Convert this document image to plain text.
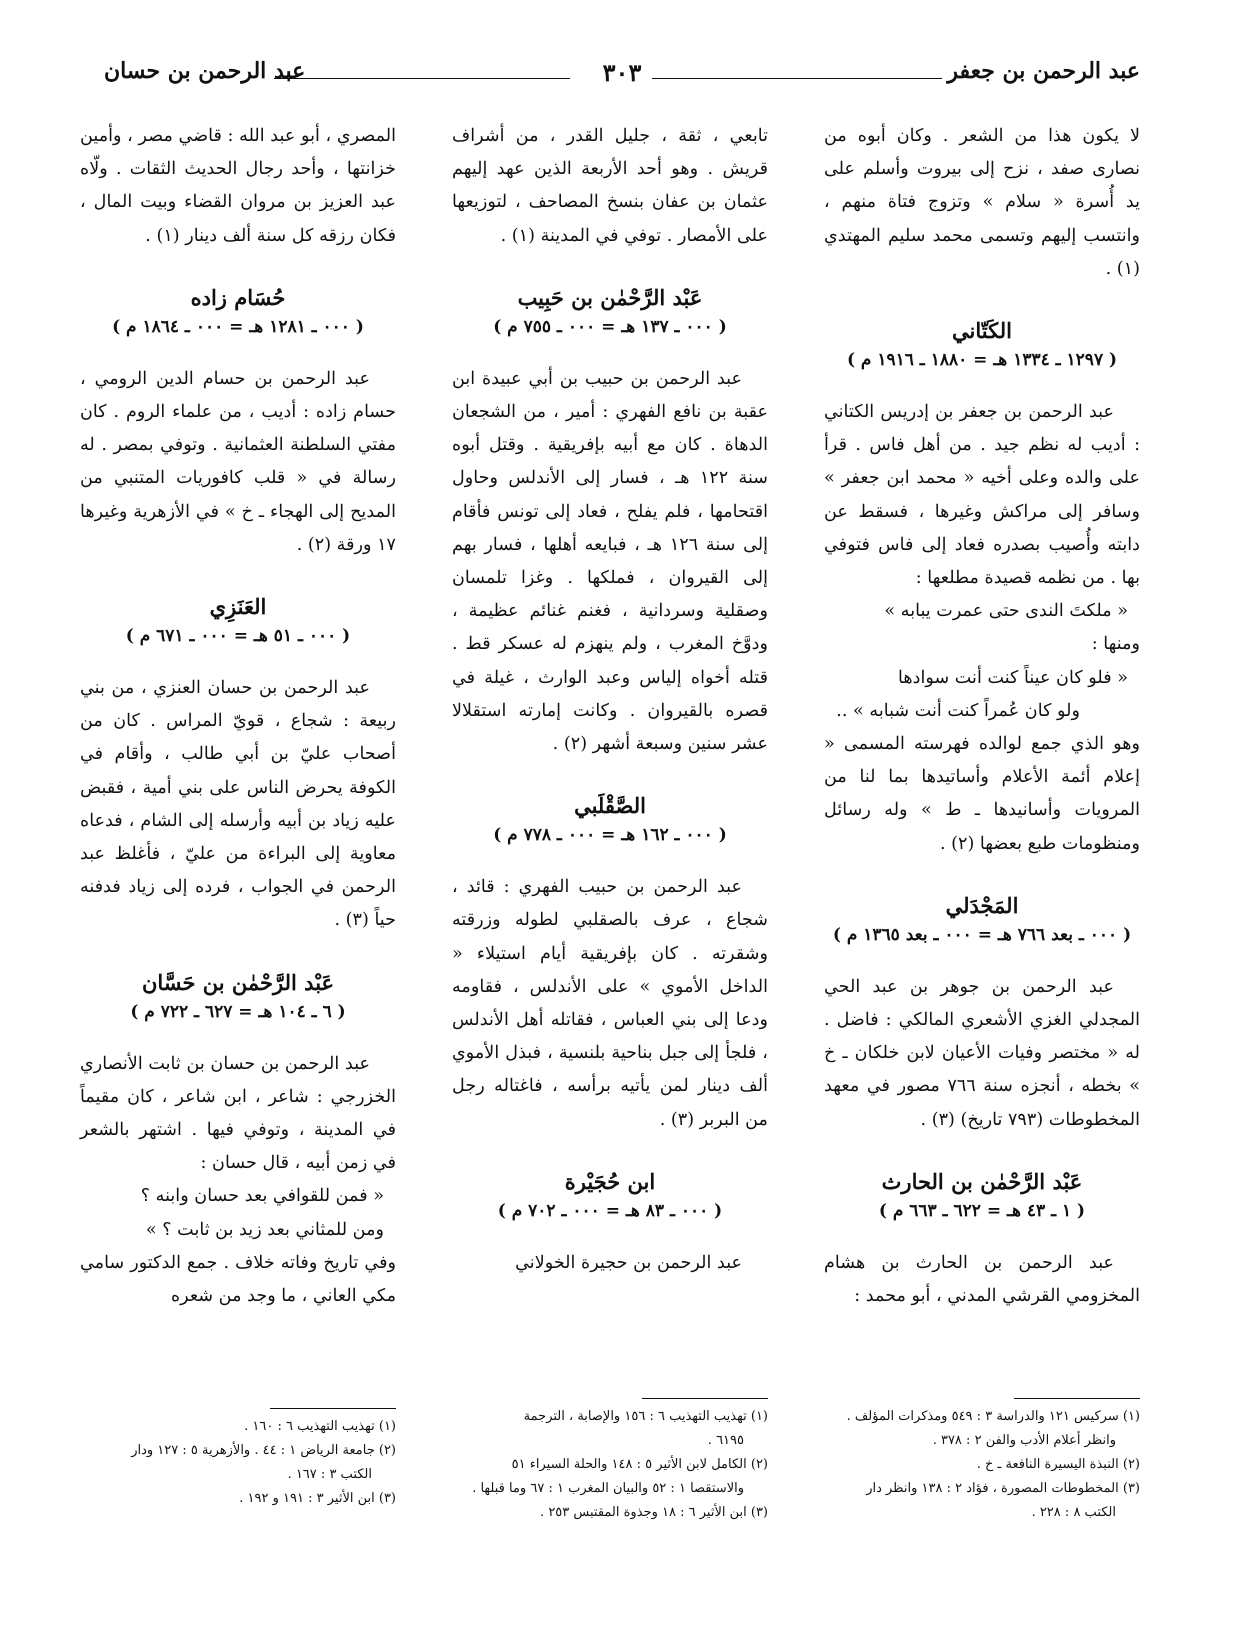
عبد الرحمن بن جعفر
٣٠٣
عبد الرحمن بن حسان

لا يكون هذا من الشعر . وكان أبوه من نصارى صفد ، نزح إلى بيروت وأسلم على يد أُسرة « سلام » وتزوج فتاة منهم ، وانتسب إليهم وتسمى محمد سليم المهتدي (١) .

الكَتّاني
( ١٢٩٧ ـ ١٣٣٤ هـ = ١٨٨٠ ـ ١٩١٦ م )

عبد الرحمن بن جعفر بن إدريس الكتاني : أديب له نظم جيد . من أهل فاس . قرأ على والده وعلى أخيه « محمد ابن جعفر » وسافر إلى مراكش وغيرها ، فسقط عن دابته وأُصيب بصدره فعاد إلى فاس فتوفي بها . من نظمه قصيدة مطلعها :

« ملكتَ الندى حتى عمرت يبابه »

ومنها :

« فلو كان عيناً كنت أنت سوادها

ولو كان عُمراً كنت أنت شبابه » ..

وهو الذي جمع لوالده فهرسته المسمى « إعلام أئمة الأعلام وأساتيدها بما لنا من المرويات وأسانيدها ـ ط » وله رسائل ومنظومات طبع بعضها (٢) .

المَجْدَلي
( ٠٠٠ ـ بعد ٧٦٦ هـ = ٠٠٠ ـ بعد ١٣٦٥ م )

عبد الرحمن بن جوهر بن عبد الحي المجدلي الغزي الأشعري المالكي : فاضل . له « مختصر وفيات الأعيان لابن خلكان ـ خ » بخطه ، أنجزه سنة ٧٦٦ مصور في معهد المخطوطات (٧٩٣ تاريخ) (٣) .

عَبْد الرَّحْمٰن بن الحارث
( ١ ـ ٤٣ هـ = ٦٢٢ ـ ٦٦٣ م )

عبد الرحمن بن الحارث بن هشام المخزومي القرشي المدني ، أبو محمد :

تابعي ، ثقة ، جليل القدر ، من أشراف قريش . وهو أحد الأربعة الذين عهد إليهم عثمان بن عفان بنسخ المصاحف ، لتوزيعها على الأمصار . توفي في المدينة (١) .

عَبْد الرَّحْمٰن بن حَبِيب
( ٠٠٠ ـ ١٣٧ هـ = ٠٠٠ ـ ٧٥٥ م )

عبد الرحمن بن حبيب بن أبي عبيدة ابن عقبة بن نافع الفهري : أمير ، من الشجعان الدهاة . كان مع أبيه بإفريقية . وقتل أبوه سنة ١٢٢ هـ ، فسار إلى الأندلس وحاول اقتحامها ، فلم يفلح ، فعاد إلى تونس فأقام إلى سنة ١٢٦ هـ ، فبايعه أهلها ، فسار بهم إلى القيروان ، فملكها . وغزا تلمسان وصقلية وسردانية ، فغنم غنائم عظيمة ، ودوَّخ المغرب ، ولم ينهزم له عسكر قط . قتله أخواه إلياس وعبد الوارث ، غيلة في قصره بالقيروان . وكانت إمارته استقلالا عشر سنين وسبعة أشهر (٢) .

الصَّقْلَبي
( ٠٠٠ ـ ١٦٢ هـ = ٠٠٠ ـ ٧٧٨ م )

عبد الرحمن بن حبيب الفهري : قائد ، شجاع ، عرف بالصقلبي لطوله وزرقته وشقرته . كان بإفريقية أيام استيلاء « الداخل الأموي » على الأندلس ، فقاومه ودعا إلى بني العباس ، فقاتله أهل الأندلس ، فلجأ إلى جبل بناحية بلنسية ، فبذل الأموي ألف دينار لمن يأتيه برأسه ، فاغتاله رجل من البربر (٣) .

ابن حُجَيْرة
( ٠٠٠ ـ ٨٣ هـ = ٠٠٠ ـ ٧٠٢ م )

عبد الرحمن بن حجيرة الخولاني

المصري ، أبو عبد الله : قاضي مصر ، وأمين خزانتها ، وأحد رجال الحديث الثقات . ولّاه عبد العزيز بن مروان القضاء وبيت المال ، فكان رزقه كل سنة ألف دينار (١) .

حُسَام زاده
( ٠٠٠ ـ ١٢٨١ هـ = ٠٠٠ ـ ١٨٦٤ م )

عبد الرحمن بن حسام الدين الرومي ، حسام زاده : أديب ، من علماء الروم . كان مفتي السلطنة العثمانية . وتوفي بمصر . له رسالة في « قلب كافوريات المتنبي من المديح إلى الهجاء ـ خ » في الأزهرية وغيرها ١٧ ورقة (٢) .

العَنَزِي
( ٠٠٠ ـ ٥١ هـ = ٠٠٠ ـ ٦٧١ م )

عبد الرحمن بن حسان العنزي ، من بني ربيعة : شجاع ، قويّ المراس . كان من أصحاب عليّ بن أبي طالب ، وأقام في الكوفة يحرض الناس على بني أمية ، فقبض عليه زياد بن أبيه وأرسله إلى الشام ، فدعاه معاوية إلى البراءة من عليّ ، فأغلظ عبد الرحمن في الجواب ، فرده إلى زياد فدفنه حياً (٣) .

عَبْد الرَّحْمٰن بن حَسَّان
( ٦ ـ ١٠٤ هـ = ٦٢٧ ـ ٧٢٢ م )

عبد الرحمن بن حسان بن ثابت الأنصاري الخزرجي : شاعر ، ابن شاعر ، كان مقيماً في المدينة ، وتوفي فيها . اشتهر بالشعر في زمن أبيه ، قال حسان :

« فمن للقوافي بعد حسان وابنه ؟

ومن للمثاني بعد زيد بن ثابت ؟ »

وفي تاريخ وفاته خلاف . جمع الدكتور سامي مكي العاني ، ما وجد من شعره

(١) سركيس ١٢١ والدراسة ٣ : ٥٤٩ ومذكرات المؤلف .

وانظر أعلام الأدب والفن ٢ : ٣٧٨ .

(٢) النبذة اليسيرة النافعة ـ خ .

(٣) المخطوطات المصورة ، فؤاد ٢ : ١٣٨ وانظر دار

الكتب ٨ : ٢٢٨ .

(١) تهذيب التهذيب ٦ : ١٥٦ والإصابة ، الترجمة

٦١٩٥ .

(٢) الكامل لابن الأثير ٥ : ١٤٨ والحلة السيراء ٥١

والاستقصا ١ : ٥٢ والبيان المغرب ١ : ٦٧ وما قبلها .

(٣) ابن الأثير ٦ : ١٨ وجذوة المقتبس ٢٥٣ .

(١) تهذيب التهذيب ٦ : ١٦٠ .

(٢) جامعة الرياض ١ : ٤٤ . والأزهرية ٥ : ١٢٧ ودار

الكتب ٣ : ١٦٧ .

(٣) ابن الأثير ٣ : ١٩١ و ١٩٢ .
